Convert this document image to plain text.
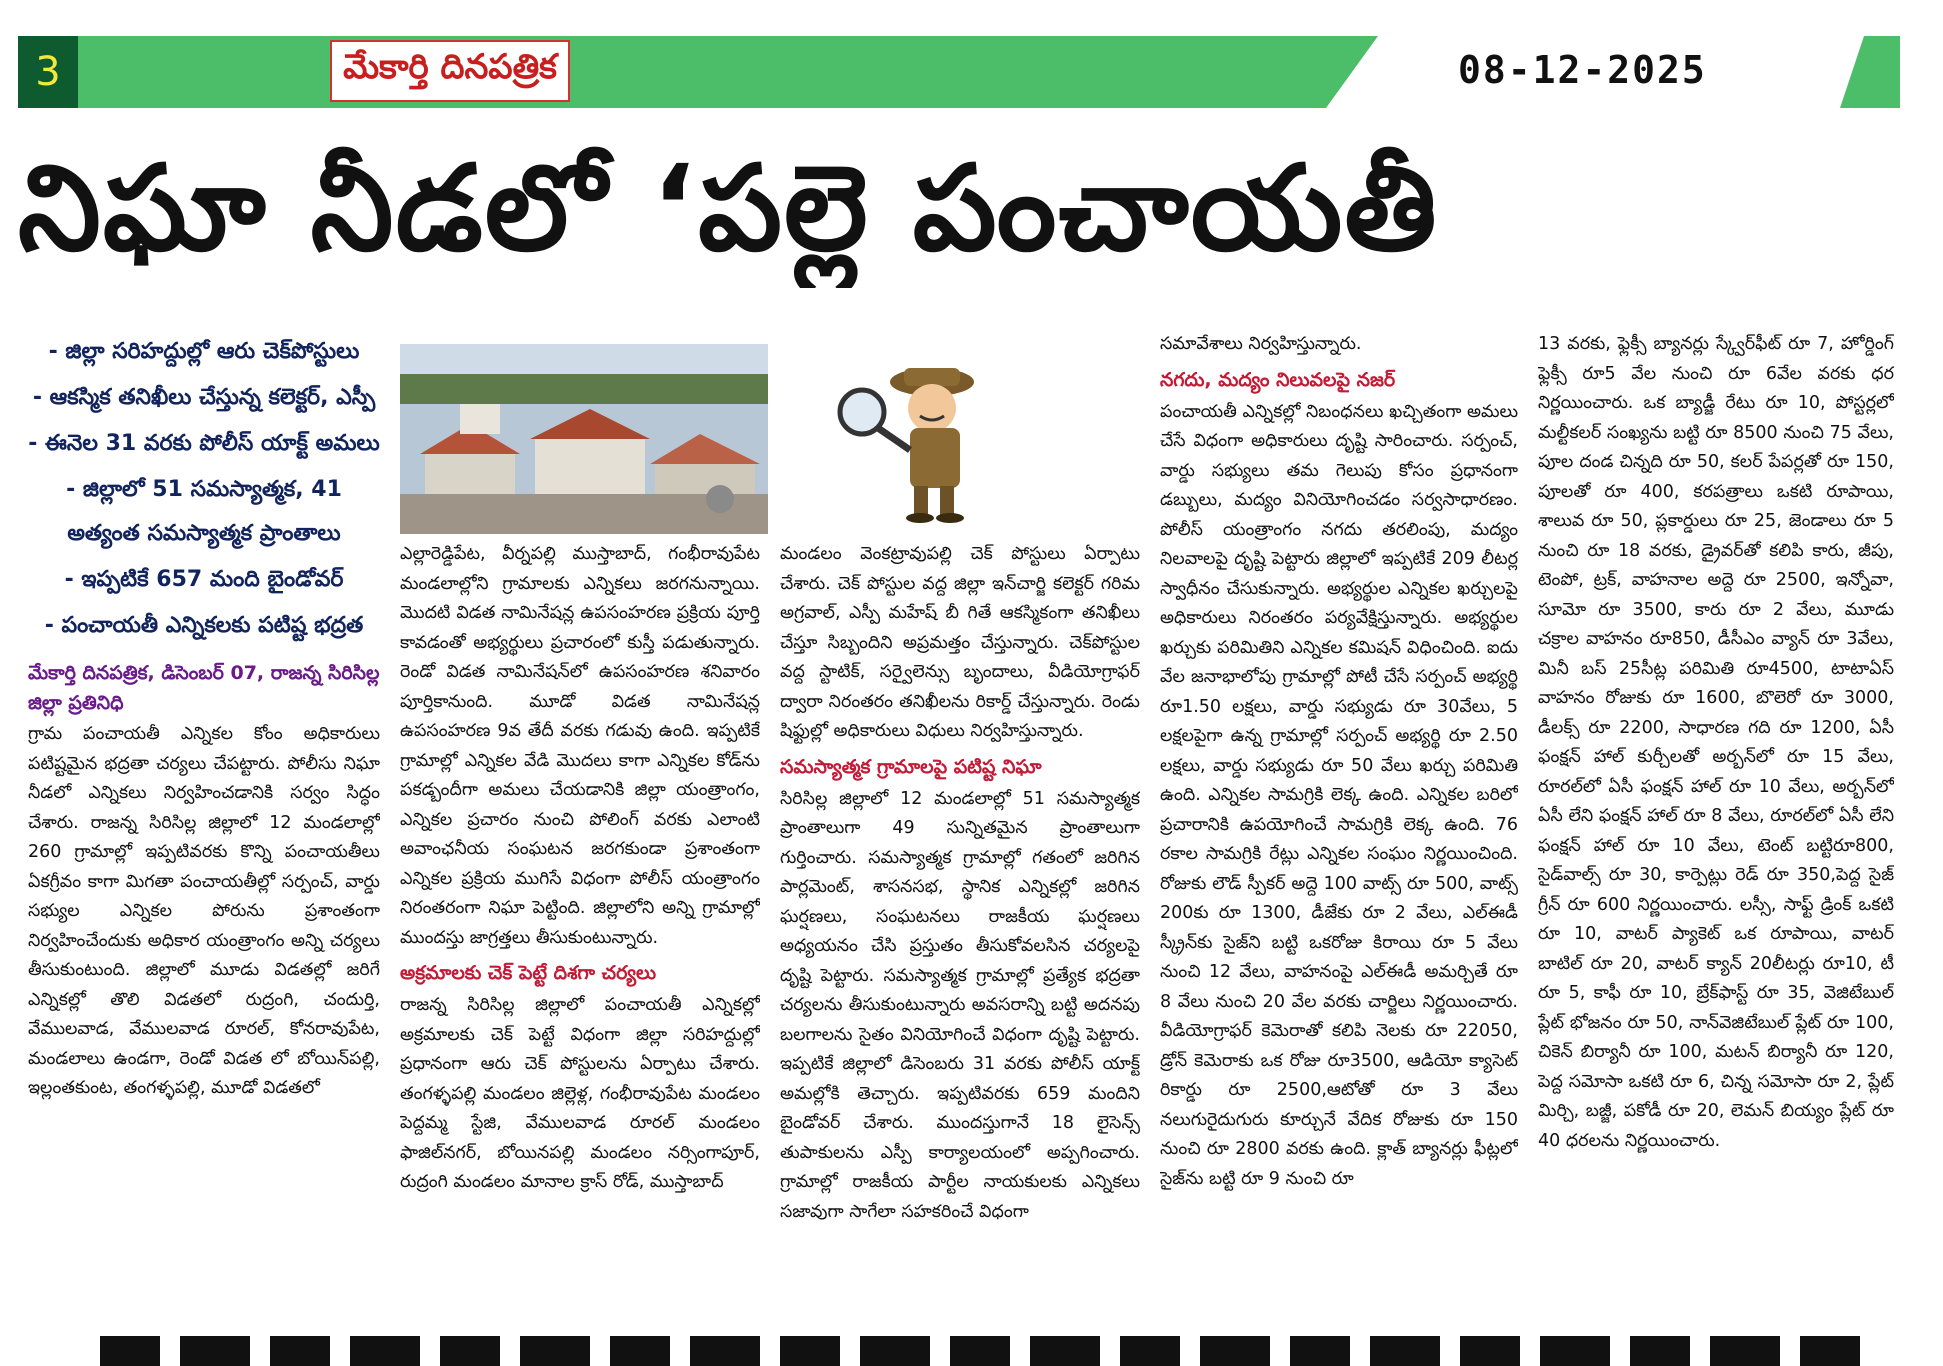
3	మేకార్తి దినపత్రిక	08-12-2025
నిఘా నీడలో ‘పల్లె పంచాయతీ
- జిల్లా సరిహద్దుల్లో ఆరు చెక్‌పోస్టులు
- ఆకస్మిక తనిఖీలు చేస్తున్న కలెక్టర్, ఎస్పీ
- ఈనెల 31 వరకు పోలీస్ యాక్ట్ అమలు
- జిల్లాలో 51 సమస్యాత్మక, 41 అత్యంత సమస్యాత్మక ప్రాంతాలు
- ఇప్పటికే 657 మంది బైండోవర్
- పంచాయతీ ఎన్నికలకు పటిష్ట భద్రత

మేకార్తి దినపత్రిక, డిసెంబర్ 07, రాజన్న సిరిసిల్ల జిల్లా ప్రతినిధి

గ్రామ పంచాయతీ ఎన్నికల కోంం అధికారులు పటిష్టమైన భద్రతా చర్యలు చేపట్టారు. పోలీసు నిఘా నీడలో ఎన్నికలు నిర్వహించడానికి సర్వం సిద్ధం చేశారు. రాజన్న సిరిసిల్ల జిల్లాలో 12 మండలాల్లో 260 గ్రామాల్లో ఇప్పటివరకు కొన్ని పంచాయతీలు ఏకగ్రీవం కాగా మిగతా పంచాయతీల్లో సర్పంచ్, వార్డు సభ్యుల ఎన్నికల పోరును ప్రశాంతంగా నిర్వహించేందుకు అధికార యంత్రాంగం అన్ని చర్యలు తీసుకుంటుంది. జిల్లాలో మూడు విడతల్లో జరిగే ఎన్నికల్లో తొలి విడతలో రుద్రంగి, చందుర్తి, వేములవాడ, వేములవాడ రూరల్, కోనరావుపేట, మండలాలు ఉండగా, రెండో విడత లో బోయిన్‌పల్లి, ఇల్లంతకుంట, తంగళ్ళపల్లి, మూడో విడతలో

ఎల్లారెడ్డిపేట, వీర్నపల్లి ముస్తాబాద్, గంభీరావుపేట మండలాల్లోని గ్రామాలకు ఎన్నికలు జరగనున్నాయి. మొదటి విడత నామినేషన్ల ఉపసంహరణ ప్రక్రియ పూర్తి కావడంతో అభ్యర్థులు ప్రచారంలో కుస్తీ పడుతున్నారు. రెండో విడత నామినేషన్‌లో ఉపసంహరణ శనివారం పూర్తికానుంది. మూడో విడత నామినేషన్ల ఉపసంహరణ 9వ తేదీ వరకు గడువు ఉంది. ఇప్పటికే గ్రామాల్లో ఎన్నికల వేడి మొదలు కాగా ఎన్నికల కోడ్‌ను పకడ్బందీగా అమలు చేయడానికి జిల్లా యంత్రాంగం, ఎన్నికల ప్రచారం నుంచి పోలింగ్ వరకు ఎలాంటి అవాంఛనీయ సంఘటన జరగకుండా ప్రశాంతంగా ఎన్నికల ప్రక్రియ ముగిసే విధంగా పోలీస్ యంత్రాంగం నిరంతరంగా నిఘా పెట్టింది. జిల్లాలోని అన్ని గ్రామాల్లో ముందస్తు జాగ్రత్తలు తీసుకుంటున్నారు.

అక్రమాలకు చెక్ పెట్టే దిశగా చర్యలు

రాజన్న సిరిసిల్ల జిల్లాలో పంచాయతీ ఎన్నికల్లో అక్రమాలకు చెక్ పెట్టే విధంగా జిల్లా సరిహద్దుల్లో ప్రధానంగా ఆరు చెక్ పోస్టులను ఏర్పాటు చేశారు. తంగళ్ళపల్లి మండలం జిల్లెళ్ల, గంభీరావుపేట మండలం పెద్దమ్మ స్టేజి, వేములవాడ రూరల్ మండలం ఫాజిల్‌నగర్, బోయినపల్లి మండలం నర్సింగాపూర్, రుద్రంగి మండలం మానాల క్రాస్ రోడ్, ముస్తాబాద్

మండలం వెంకట్రావుపల్లి చెక్ పోస్టులు ఏర్పాటు చేశారు. చెక్ పోస్టుల వద్ద జిల్లా ఇన్‌చార్జి కలెక్టర్ గరిమ అగ్రవాల్, ఎస్పీ మహేష్ బీ గితే ఆకస్మికంగా తనిఖీలు చేస్తూ సిబ్బందిని అప్రమత్తం చేస్తున్నారు. చెక్‌పోస్టుల వద్ద స్టాటిక్, సర్వైలెన్సు బృందాలు, వీడియోగ్రాఫర్ ద్వారా నిరంతరం తనిఖీలను రికార్డ్ చేస్తున్నారు. రెండు షిఫ్టుల్లో అధికారులు విధులు నిర్వహిస్తున్నారు.

సమస్యాత్మక గ్రామాలపై పటిష్ట నిఘా

సిరిసిల్ల జిల్లాలో 12 మండలాల్లో 51 సమస్యాత్మక ప్రాంతాలుగా 49 సున్నితమైన ప్రాంతాలుగా గుర్తించారు. సమస్యాత్మక గ్రామాల్లో గతంలో జరిగిన పార్లమెంట్, శాసనసభ, స్థానిక ఎన్నికల్లో జరిగిన ఘర్షణలు, సంఘటనలు రాజకీయ ఘర్షణలు అధ్యయనం చేసి ప్రస్తుతం తీసుకోవలసిన చర్యలపై దృష్టి పెట్టారు. సమస్యాత్మక గ్రామాల్లో ప్రత్యేక భద్రతా చర్యలను తీసుకుంటున్నారు అవసరాన్ని బట్టి అదనపు బలగాలను సైతం వినియోగించే విధంగా దృష్టి పెట్టారు. ఇప్పటికే జిల్లాలో డిసెంబరు 31 వరకు పోలీస్ యాక్ట్ అమల్లోకి తెచ్చారు. ఇప్పటివరకు 659 మందిని బైండోవర్ చేశారు. ముందస్తుగానే 18 లైసెన్స్ తుపాకులను ఎస్పీ కార్యాలయంలో అప్పగించారు. గ్రామాల్లో రాజకీయ పార్టీల నాయకులకు ఎన్నికలు సజావుగా సాగేలా సహకరించే విధంగా

సమావేశాలు నిర్వహిస్తున్నారు.

నగదు, మద్యం నిలువలపై నజర్

పంచాయతీ ఎన్నికల్లో నిబంధనలు ఖచ్చితంగా అమలు చేసే విధంగా అధికారులు దృష్టి సారించారు. సర్పంచ్, వార్డు సభ్యులు తమ గెలుపు కోసం ప్రధానంగా డబ్బులు, మద్యం వినియోగించడం సర్వసాధారణం. పోలీస్ యంత్రాంగం నగదు తరలింపు, మద్యం నిలవాలపై దృష్టి పెట్టారు జిల్లాలో ఇప్పటికే 209 లీటర్ల స్వాధీనం చేసుకున్నారు. అభ్యర్థుల ఎన్నికల ఖర్చులపై అధికారులు నిరంతరం పర్యవేక్షిస్తున్నారు. అభ్యర్థుల ఖర్చుకు పరిమితిని ఎన్నికల కమిషన్ విధించింది. ఐదు వేల జనాభాలోపు గ్రామాల్లో పోటీ చేసే సర్పంచ్ అభ్యర్థి రూ1.50 లక్షలు, వార్డు సభ్యుడు రూ 30వేలు, 5 లక్షలపైగా ఉన్న గ్రామాల్లో సర్పంచ్ అభ్యర్థి రూ 2.50 లక్షలు, వార్డు సభ్యుడు రూ 50 వేలు ఖర్చు పరిమితి ఉంది. ఎన్నికల సామగ్రికి లెక్క ఉంది. ఎన్నికల బరిలో ప్రచారానికి ఉపయోగించే సామగ్రికి లెక్క ఉంది. 76 రకాల సామగ్రికి రేట్లు ఎన్నికల సంఘం నిర్ణయించింది. రోజుకు లౌడ్ స్పీకర్ అద్దె 100 వాట్స్ రూ 500, వాట్స్ 200కు రూ 1300, డీజేకు రూ 2 వేలు, ఎల్ఈడీ స్క్రీన్‌కు సైజ్‌ని బట్టి ఒకరోజు కిరాయి రూ 5 వేలు నుంచి 12 వేలు, వాహనంపై ఎల్ఈడీ అమర్చితే రూ 8 వేలు నుంచి 20 వేల వరకు చార్జిలు నిర్ణయించారు. వీడియోగ్రాఫర్ కెమెరాతో కలిపి నెలకు రూ 22050, డ్రోన్ కెమెరాకు ఒక రోజు రూ3500, ఆడియో క్యాసెట్ రికార్డు రూ 2500,ఆటోతో రూ 3 వేలు నలుగురైదుగురు కూర్చునే వేదిక రోజుకు రూ 150 నుంచి రూ 2800 వరకు ఉంది. క్లాత్ బ్యానర్లు ఫీట్లలో సైజ్‌ను బట్టి రూ 9 నుంచి రూ

13 వరకు, ఫ్లెక్సీ బ్యానర్లు స్క్వేర్‌ఫీట్ రూ 7, హోర్డింగ్ ఫ్లెక్సీ రూ5 వేల నుంచి రూ 6వేల వరకు ధర నిర్ణయించారు. ఒక బ్యాడ్జీ రేటు రూ 10, పోస్టర్లలో మల్టీకలర్ సంఖ్యను బట్టి రూ 8500 నుంచి 75 వేలు, పూల దండ చిన్నది రూ 50, కలర్ పేపర్లతో రూ 150, పూలతో రూ 400, కరపత్రాలు ఒకటి రూపాయి, శాలువ రూ 50, ప్లకార్డులు రూ 25, జెండాలు రూ 5 నుంచి రూ 18 వరకు, డ్రైవర్‌తో కలిపి కారు, జీపు, టెంపో, ట్రక్, వాహనాల అద్దె రూ 2500, ఇన్నోవా, సూమో రూ 3500, కారు రూ 2 వేలు, మూడు చక్రాల వాహనం రూ850, డీసీఎం వ్యాన్ రూ 3వేలు, మినీ బస్ 25సీట్ల పరిమితి రూ4500, టాటాఏస్ వాహనం రోజుకు రూ 1600, బొలెరో రూ 3000, డీలక్స్ రూ 2200, సాధారణ గది రూ 1200, ఏసీ ఫంక్షన్ హాల్ కుర్చీలతో అర్బన్‌లో రూ 15 వేలు, రూరల్‌లో ఏసీ ఫంక్షన్ హాల్ రూ 10 వేలు, అర్బన్‌లో ఏసీ లేని ఫంక్షన్ హాల్ రూ 8 వేలు, రూరల్‌లో ఏసీ లేని ఫంక్షన్ హాల్ రూ 10 వేలు, టెంట్ బట్టిరూ800, సైడ్‌వాల్స్ రూ 30, కార్పెట్లు రెడ్ రూ 350,పెద్ద సైజ్ గ్రీన్ రూ 600 నిర్ణయించారు. లస్సీ, సాఫ్ట్ డ్రింక్ ఒకటి రూ 10, వాటర్ ప్యాకెట్ ఒక రూపాయి, వాటర్ బాటిల్ రూ 20, వాటర్ క్యాన్ 20లీటర్లు రూ10, టీ రూ 5, కాఫీ రూ 10, బ్రేక్‌ఫాస్ట్ రూ 35, వెజిటేబుల్ ప్లేట్ భోజనం రూ 50, నాన్‌వెజిటేబుల్ ప్లేట్ రూ 100, చికెన్ బిర్యానీ రూ 100, మటన్ బిర్యానీ రూ 120, పెద్ద సమోసా ఒకటి రూ 6, చిన్న సమోసా రూ 2, ప్లేట్ మిర్చి, బజ్జీ, పకోడీ రూ 20, లెమన్ బియ్యం ప్లేట్ రూ 40 ధరలను నిర్ణయించారు.
